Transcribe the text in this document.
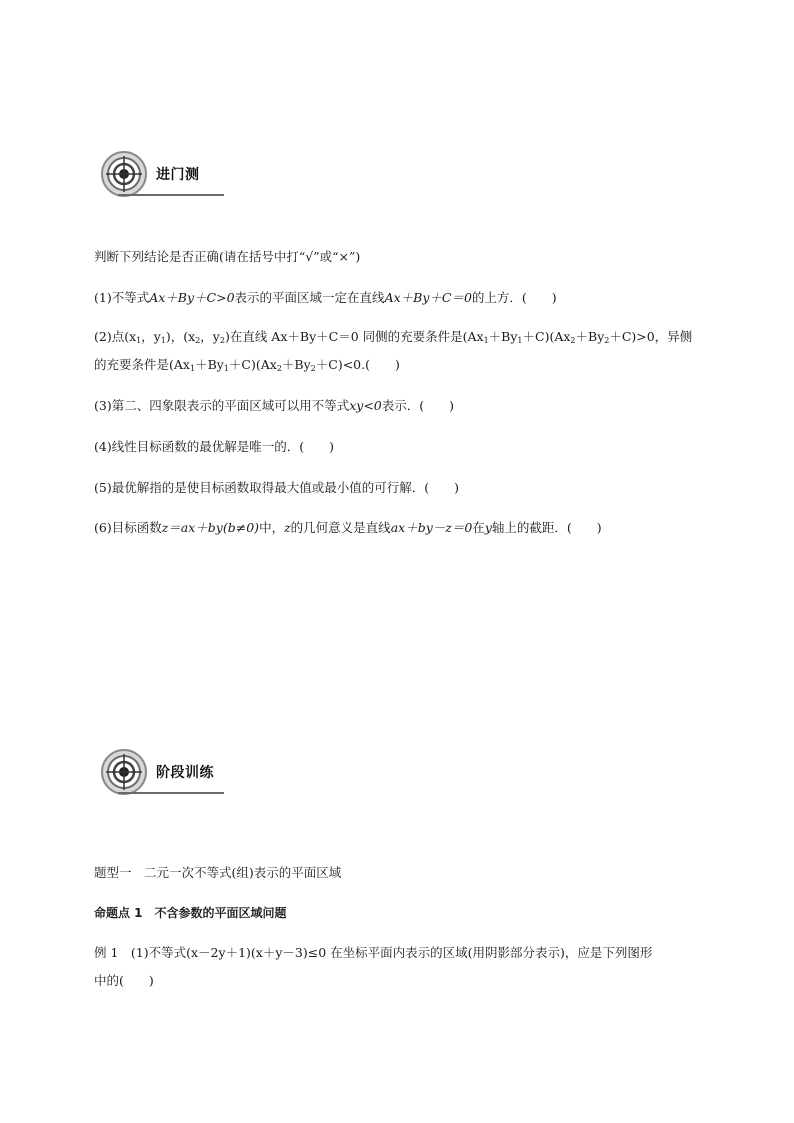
进门测
判断下列结论是否正确(请在括号中打“√”或“×”)
(1)不等式Ax＋By＋C>0表示的平面区域一定在直线Ax＋By＋C＝0的上方．(　　)
(2)点($x_1$，$y_1$)，($x_2$，$y_2$)在直线 Ax＋By＋C＝0 同侧的充要条件是$(Ax_1+By_1+C)(Ax_2+By_2+C)>0$，异侧
的充要条件是$(Ax_1+By_1+C)(Ax_2+By_2+C)<0$.(　　)
(3)第二、四象限表示的平面区域可以用不等式xy<0表示．(　　)
(4)线性目标函数的最优解是唯一的．(　　)
(5)最优解指的是使目标函数取得最大值或最小值的可行解．(　　)
(6)目标函数z＝ax＋by(b≠0)中，z的几何意义是直线ax＋by－z＝0在y轴上的截距．(　　)
阶段训练
题型一　二元一次不等式(组)表示的平面区域
命题点 1　不含参数的平面区域问题
例 1　(1)不等式(x－2y＋1)(x＋y－3)≤0 在坐标平面内表示的区域(用阴影部分表示)，应是下列图形
中的(　　)
